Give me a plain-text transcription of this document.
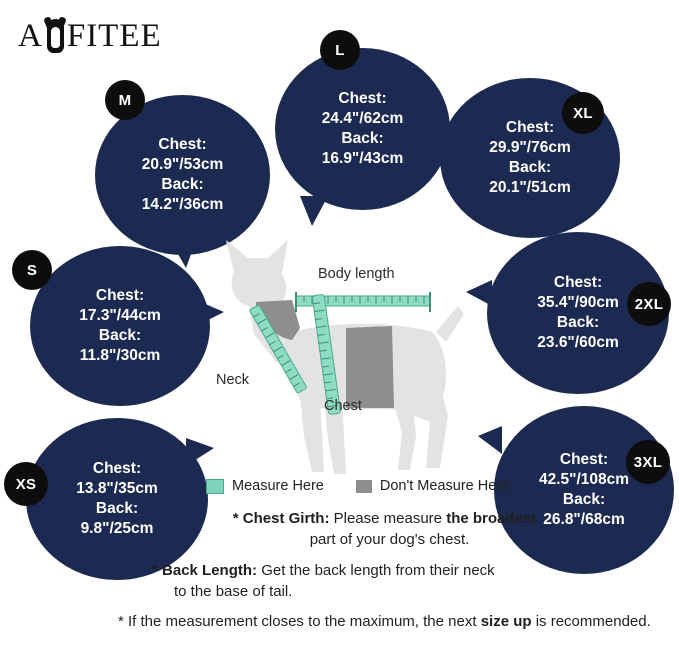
A FITEE
Chest:
20.9"/53cm
Back:
14.2"/36cm
M	Chest:
24.4"/62cm
Back:
16.9"/43cm
L
Chest:
29.9"/76cm
Back:
20.1"/51cm
XL
Chest:
17.3"/44cm
Back:
11.8"/30cm
S
Chest:
35.4"/90cm
Back:
23.6"/60cm
2XL
Chest:
13.8"/35cm
Back:
9.8"/25cm
XS
Chest:
42.5"/108cm
Back:
26.8"/68cm
3XL
Body length
Neck
Chest
Measure Here	Don't Measure Here
* Chest Girth: Please measure the broadest
part of your dog's chest.
* Back Length: Get the back length from their neck
to the base of tail.
* If the measurement closes to the maximum, the next size up is recommended.
